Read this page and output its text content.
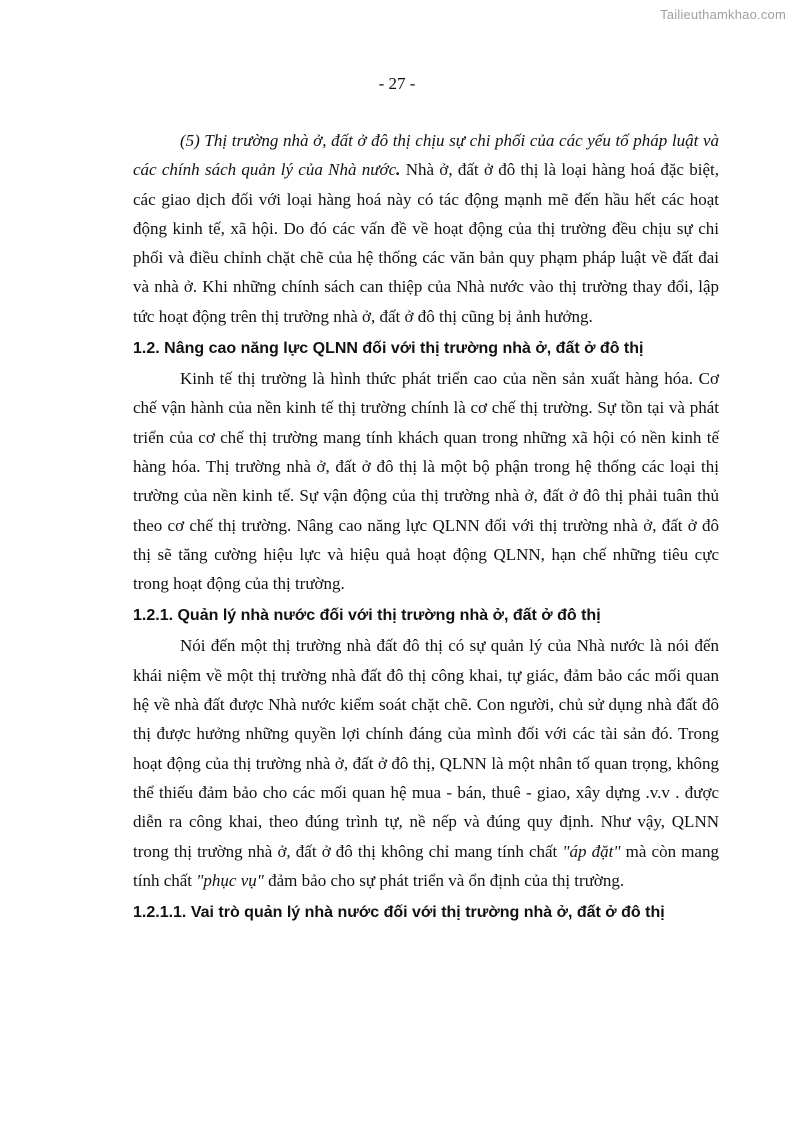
Tailieuthamkhao.com
- 27 -

(5) Thị trường nhà ở, đất ở đô thị chịu sự chi phối của các yếu tố pháp luật và các chính sách quản lý của Nhà nước. Nhà ở, đất ở đô thị là loại hàng hoá đặc biệt, các giao dịch đối với loại hàng hoá này có tác động mạnh mẽ đến hầu hết các hoạt động kinh tế, xã hội. Do đó các vấn đề về hoạt động của thị trường đều chịu sự chi phối và điều chỉnh chặt chẽ của hệ thống các văn bản quy phạm pháp luật về đất đai và nhà ở. Khi những chính sách can thiệp của Nhà nước vào thị trường thay đổi, lập tức hoạt động trên thị trường nhà ở, đất ở đô thị cũng bị ảnh hưởng.

1.2. Nâng cao năng lực QLNN đối với thị trường nhà ở, đất ở đô thị

Kinh tế thị trường là hình thức phát triển cao của nền sản xuất hàng hóa. Cơ chế vận hành của nền kinh tế thị trường chính là cơ chế thị trường. Sự tồn tại và phát triển của cơ chế thị trường mang tính khách quan trong những xã hội có nền kinh tế hàng hóa. Thị trường nhà ở, đất ở đô thị là một bộ phận trong hệ thống các loại thị trường của nền kinh tế. Sự vận động của thị trường nhà ở, đất ở đô thị phải tuân thủ theo cơ chế thị trường. Nâng cao năng lực QLNN đối với thị trường nhà ở, đất ở đô thị sẽ tăng cường hiệu lực và hiệu quả hoạt động QLNN, hạn chế những tiêu cực trong hoạt động của thị trường.

1.2.1. Quản lý nhà nước đối với thị trường nhà ở, đất ở đô thị

Nói đến một thị trường nhà đất đô thị có sự quản lý của Nhà nước là nói đến khái niệm về một thị trường nhà đất đô thị công khai, tự giác, đảm bảo các mối quan hệ về nhà đất được Nhà nước kiểm soát chặt chẽ. Con người, chủ sử dụng nhà đất đô thị được hưởng những quyền lợi chính đáng của mình đối với các tài sản đó. Trong hoạt động của thị trường nhà ở, đất ở đô thị, QLNN là một nhân tố quan trọng, không thể thiếu đảm bảo cho các mối quan hệ mua - bán, thuê - giao, xây dựng .v.v . được diễn ra công khai, theo đúng trình tự, nề nếp và đúng quy định. Như vậy, QLNN trong thị trường nhà ở, đất ở đô thị không chỉ mang tính chất "áp đặt" mà còn mang tính chất "phục vụ" đảm bảo cho sự phát triển và ổn định của thị trường.

1.2.1.1. Vai trò quản lý nhà nước đối với thị trường nhà ở, đất ở đô thị
